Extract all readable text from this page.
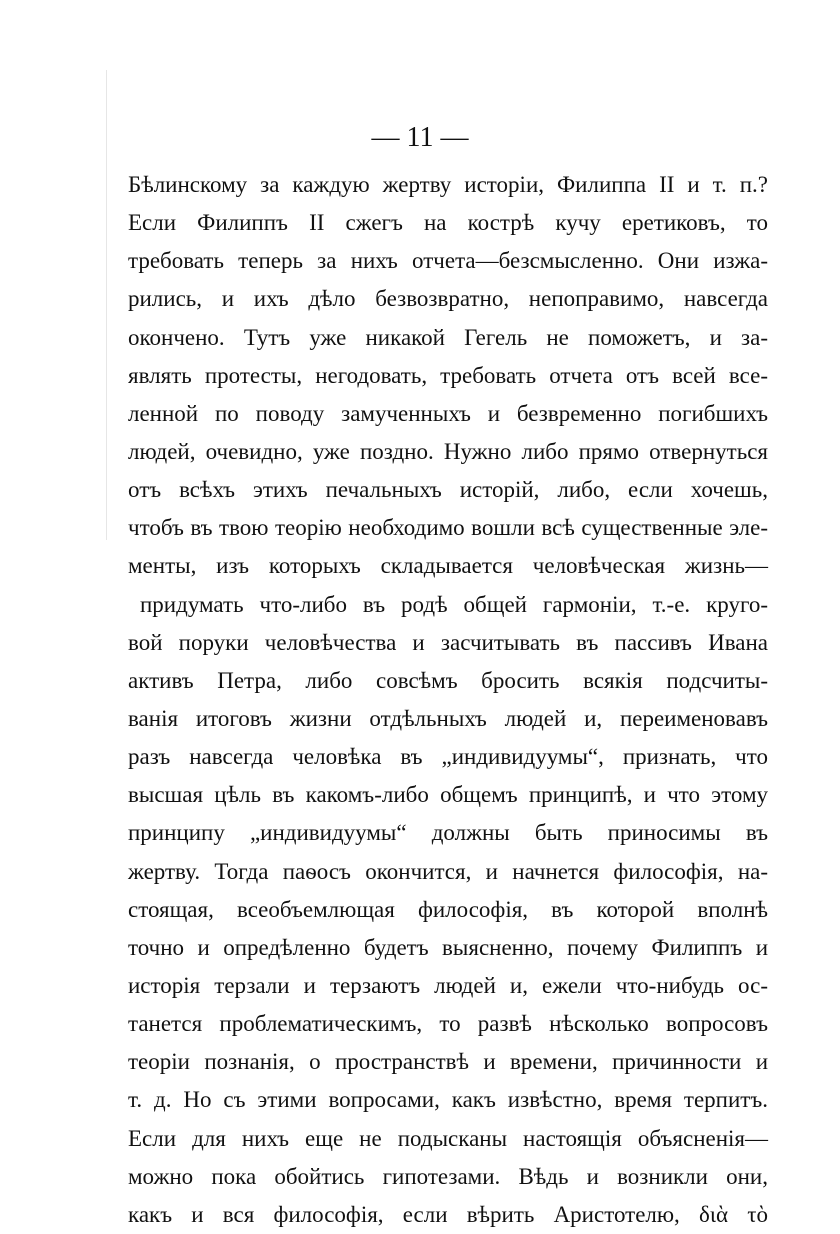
— 11 —
Бѣлинскому за каждую жертву исторіи, Филиппа II и т. п.?
Если Филиппъ II сжегъ на кострѣ кучу еретиковъ, то
требовать теперь за нихъ отчета—безсмысленно. Они изжа-
рились, и ихъ дѣло безвозвратно, непоправимо, навсегда
окончено. Тутъ уже никакой Гегель не поможетъ, и за-
являть протесты, негодовать, требовать отчета отъ всей все-
ленной по поводу замученныхъ и безвременно погибшихъ
людей, очевидно, уже поздно. Нужно либо прямо отвернуться
отъ всѣхъ этихъ печальныхъ исторій, либо, если хочешь,
чтобъ въ твою теорію необходимо вошли всѣ существенные эле-
менты, изъ которыхъ складывается человѣческая жизнь—
придумать что-либо въ родѣ общей гармоніи, т.-е. круго-
вой поруки человѣчества и засчитывать въ пассивъ Ивана
активъ Петра, либо совсѣмъ бросить всякія подсчиты-
ванія итоговъ жизни отдѣльныхъ людей и, переименовавъ
разъ навсегда человѣка въ „индивидуумы“, признать, что
высшая цѣль въ какомъ-либо общемъ принципѣ, и что этому
принципу „индивидуумы“ должны быть приносимы въ
жертву. Тогда паѳосъ окончится, и начнется философія, на-
стоящая, всеобъемлющая философія, въ которой вполнѣ
точно и опредѣленно будетъ выясненно, почему Филиппъ и
исторія терзали и терзаютъ людей и, ежели что-нибудь ос-
танется проблематическимъ, то развѣ нѣсколько вопросовъ
теоріи познанія, о пространствѣ и времени, причинности и
т. д. Но съ этими вопросами, какъ извѣстно, время терпитъ.
Если для нихъ еще не подысканы настоящія объясненія—
можно пока обойтись гипотезами. Вѣдь и возникли они,
какъ и вся философія, если вѣрить Аристотелю, διὰ τὸ
